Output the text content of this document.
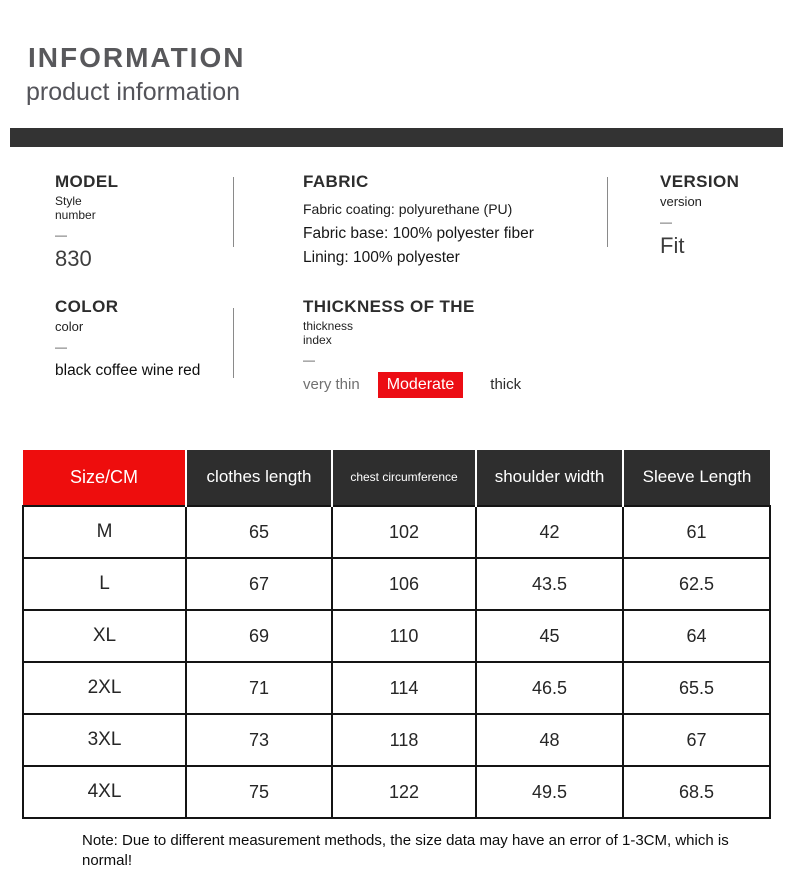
INFORMATION
product information
MODEL
Style number
—
830
FABRIC
Fabric coating: polyurethane (PU)
Fabric base: 100% polyester fiber
Lining: 100% polyester
VERSION
version
—
Fit
COLOR
color
—
black coffee wine red
THICKNESS OF THE
thickness index
—
very thin	Moderate	thick
Size/CM	clothes length	chest circumference	shoulder width	Sleeve Length
M	65	102	42	61
L	67	106	43.5	62.5
XL	69	110	45	64
2XL	71	114	46.5	65.5
3XL	73	118	48	67
4XL	75	122	49.5	68.5
Note: Due to different measurement methods, the size data may have an error of 1-3CM, which is normal!
